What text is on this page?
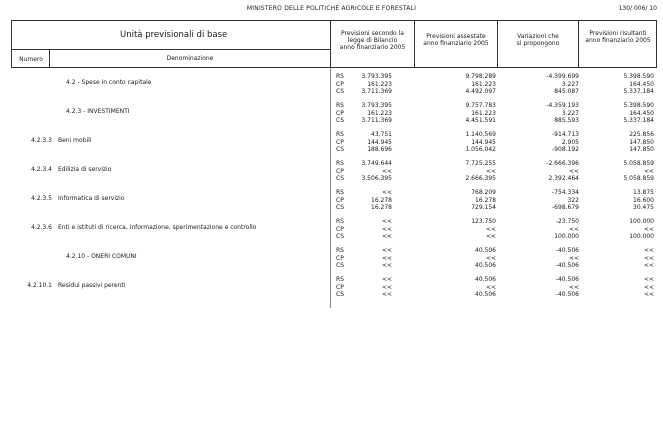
MINISTERO DELLE POLITICHE AGRICOLE E FORESTALI	130/ 006/ 10
Unità previsionali di base
Numero	Denominazione
Previsioni secondo la
legge di Bilancio
anno finanziario 2005
Previsioni assestate
anno finanziario 2005
Variazioni che
si propongono
Previsioni risultanti
anno finanziario 2005
4.2 - Spese in conto capitale
RS	3.793.395	9.798.289	-4.399.699	5.398.590
CP	161.223	161.223	3.227	164.450
CS	3.711.369	4.492.097	845.087	5.337.184
4.2.3 - INVESTIMENTI
RS	3.793.395	9.757.783	-4.359.193	5.398.590
CP	161.223	161.223	3.227	164.450
CS	3.711.369	4.451.591	885.593	5.337.184
4.2.3.3 Beni mobili
RS	43.751	1.140.569	-914.713	225.856
CP	144.945	144.945	2.905	147.850
CS	188.696	1.056.042	-908.192	147.850
4.2.3.4 Edilizia di servizio
RS	3.749.644	7.725.255	-2.666.396	5.058.859
CP	<<	<<	<<	<<
CS	3.506.395	2.666.395	2.392.464	5.058.859
4.2.3.5 Informatica di servizio
RS	<<	768.209	-754.334	13.875
CP	16.278	16.278	322	16.600
CS	16.278	729.154	-698.679	30.475
4.2.3.6 Enti e istituti di ricerca, informazione, sperimentazione e controllo
RS	<<	123.750	-23.750	100.000
CP	<<	<<	<<	<<
CS	<<	<<	100.000	100.000
4.2.10 - ONERI COMUNI
RS	<<	40.506	-40.506	<<
CP	<<	<<	<<	<<
CS	<<	40.506	-40.506	<<
4.2.10.1 Residui passivi perenti
RS	<<	40.506	-40.506	<<
CP	<<	<<	<<	<<
CS	<<	40.506	-40.506	<<
